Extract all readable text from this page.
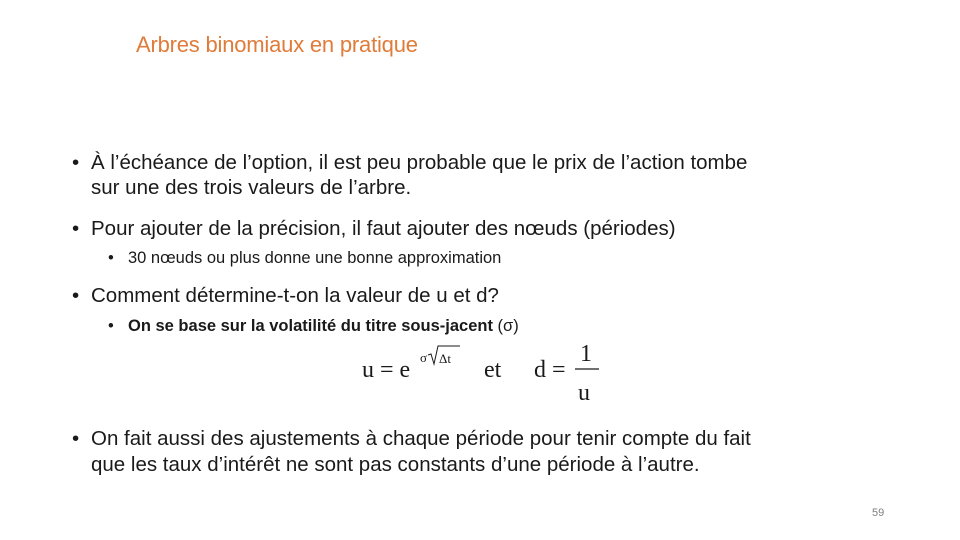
Arbres binomiaux en pratique
• À l’échéance de l’option, il est peu probable que le prix de l’action tombe
sur une des trois valeurs de l’arbre.
• Pour ajouter de la précision, il faut ajouter des nœuds (périodes)
• 30 nœuds ou plus donne une bonne approximation
• Comment détermine-t-on la valeur de u et d?
• On se base sur la volatilité du titre sous-jacent (σ)
u = e σ Δt et d =
1
u
• On fait aussi des ajustements à chaque période pour tenir compte du fait
que les taux d’intérêt ne sont pas constants d’une période à l’autre.
59
